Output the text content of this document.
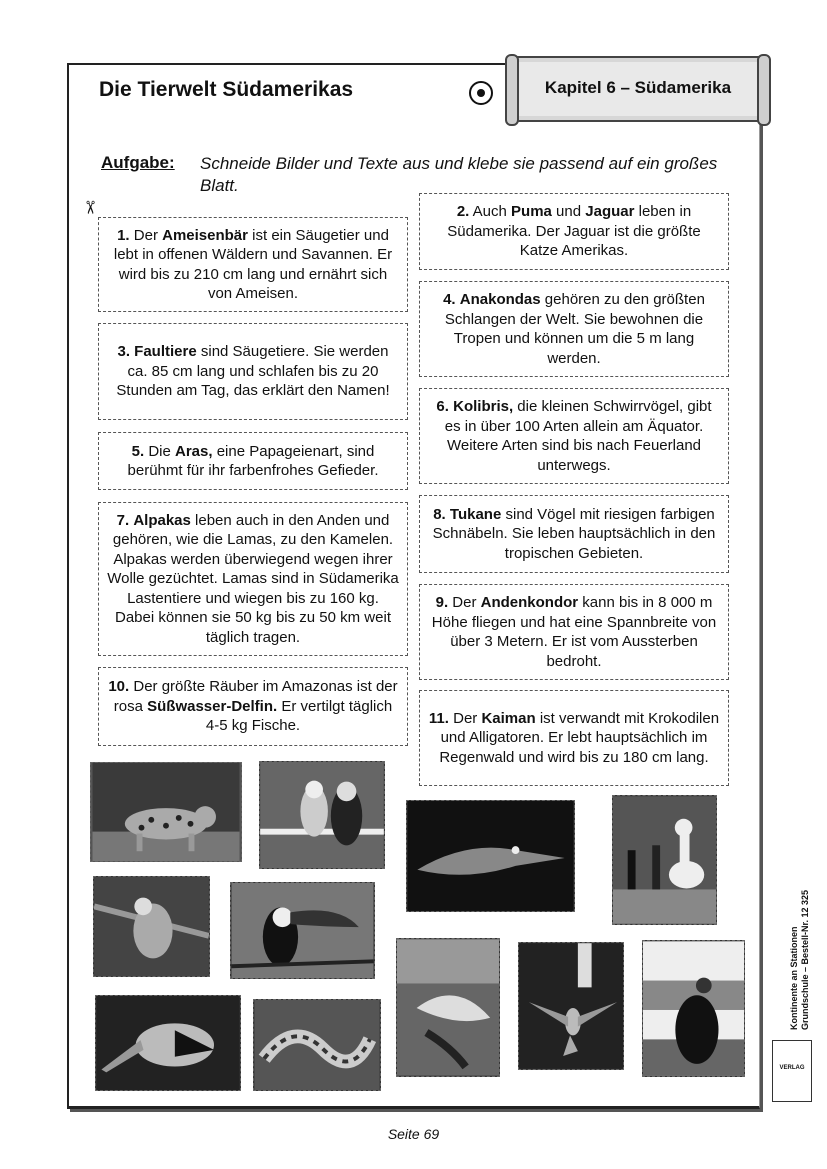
Die Tierwelt Südamerikas	Kapitel 6 – Südamerika
Aufgabe: Schneide Bilder und Texte aus und klebe sie passend auf ein großes Blatt.
✂
1. Der Ameisenbär ist ein Säugetier und lebt in offenen Wäldern und Savannen. Er wird bis zu 210 cm lang und ernährt sich von Ameisen.
3. Faultiere sind Säugetiere. Sie werden ca. 85 cm lang und schlafen bis zu 20 Stunden am Tag, das erklärt den Namen!
5. Die Aras, eine Papageienart, sind berühmt für ihr farbenfrohes Gefieder.
7. Alpakas leben auch in den Anden und gehören, wie die Lamas, zu den Kamelen. Alpakas werden überwiegend wegen ihrer Wolle gezüchtet. Lamas sind in Südamerika Lastentiere und wiegen bis zu 160 kg. Dabei können sie 50 kg bis zu 50 km weit täglich tragen.
10. Der größte Räuber im Amazonas ist der rosa Süßwasser-Delfin. Er vertilgt täglich 4-5 kg Fische.
2. Auch Puma und Jaguar leben in Südamerika. Der Jaguar ist die größte Katze Amerikas.
4. Anakondas gehören zu den größten Schlangen der Welt. Sie bewohnen die Tropen und können um die 5 m lang werden.
6. Kolibris, die kleinen Schwirrvögel, gibt es in über 100 Arten allein am Äquator. Weitere Arten sind bis nach Feuerland unterwegs.
8. Tukane sind Vögel mit riesigen farbigen Schnäbeln. Sie leben hauptsächlich in den tropischen Gebieten.
9. Der Andenkondor kann bis in 8 000 m Höhe fliegen und hat eine Spannbreite von über 3 Metern. Er ist vom Aussterben bedroht.
11. Der Kaiman ist verwandt mit Krokodilen und Alligatoren. Er lebt hauptsächlich im Regenwald und wird bis zu 180 cm lang.
Kontinente an Stationen Grundschule – Bestell-Nr. 12 325
VERLAG
Seite 69
